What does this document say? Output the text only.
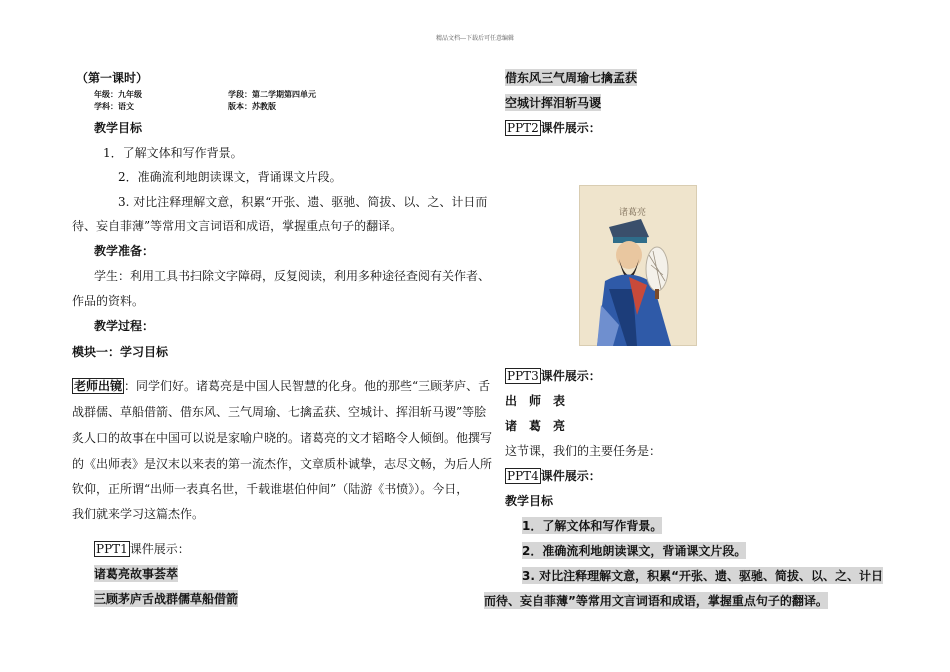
精品文档---下载后可任意编辑
（第一课时）
年级：九年级	学段：第二学期第四单元
学科：语文	版本：苏教版
教学目标
1．了解文体和写作背景。
2．准确流利地朗读课文，背诵课文片段。
3. 对比注释理解文意，积累“开张、遗、驱驰、简拔、以、之、计日而
待、妄自菲薄”等常用文言词语和成语，掌握重点句子的翻译。
教学准备：
学生：利用工具书扫除文字障碍，反复阅读，利用多种途径查阅有关作者、
作品的资料。
教学过程：
模块一：学习目标
老师出镜 ：同学们好。诸葛亮是中国人民智慧的化身。他的那些“三顾茅庐、舌
战群儒、草船借箭、借东风、三气周瑜、七擒孟获、空城计、挥泪斩马谡”等脍
炙人口的故事在中国可以说是家喻户晓的。诸葛亮的文才韬略令人倾倒。他撰写
的《出师表》是汉末以来表的第一流杰作，文章质朴诚挚，志尽文畅，为后人所
钦仰，正所谓“出师一表真名世，千载谁堪伯仲间”（陆游《书愤》）。今日，
我们就来学习这篇杰作。
PPT1 课件展示：
诸葛亮故事荟萃
三顾茅庐舌战群儒草船借箭
借东风三气周瑜七擒孟获
空城计挥泪斩马谡
PPT2 课件展示：
诸葛亮
PPT3 课件展示：
出　师　表
诸　葛　亮
这节课，我们的主要任务是：
PPT4 课件展示：
教学目标
1．了解文体和写作背景。
2．准确流利地朗读课文，背诵课文片段。
3. 对比注释理解文意，积累“开张、遗、驱驰、简拔、以、之、计日
而待、妄自菲薄”等常用文言词语和成语，掌握重点句子的翻译。
